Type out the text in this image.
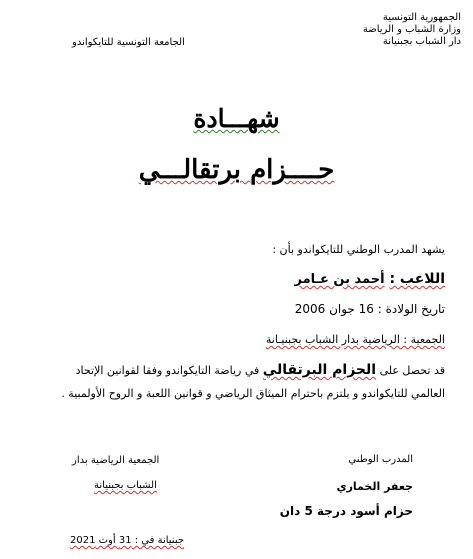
الجمهورية التونسية
وزارة الشباب و الرياضة
دار الشباب بجبنيانة
الجامعة التونسية للتايكواندو
شهـــادة
حــــزام برتقالـــي
يشهد المدرب الوطني للتايكواندو بأن :
اللاعب : أحمد بن عـامر
تاريخ الولادة : 16 جوان 2006
الجمعية : الرياضية بدار الشباب بجبنيـانة
قد تحصل على الحزام البرتقالي في رياضة التايكواندو وفقا لقوانين الإتحاد
العالمي للتايكواندو و يلتزم باحترام الميثاق الرياضي و قوانين اللعبة و الروح الأولمبية .
المدرب الوطني
الجمعية الرياضية بدار
جعفر الخماري
الشباب بجبنيانة
حزام أسود درجة 5 دان
جبنيانة في : 31 أوت 2021
